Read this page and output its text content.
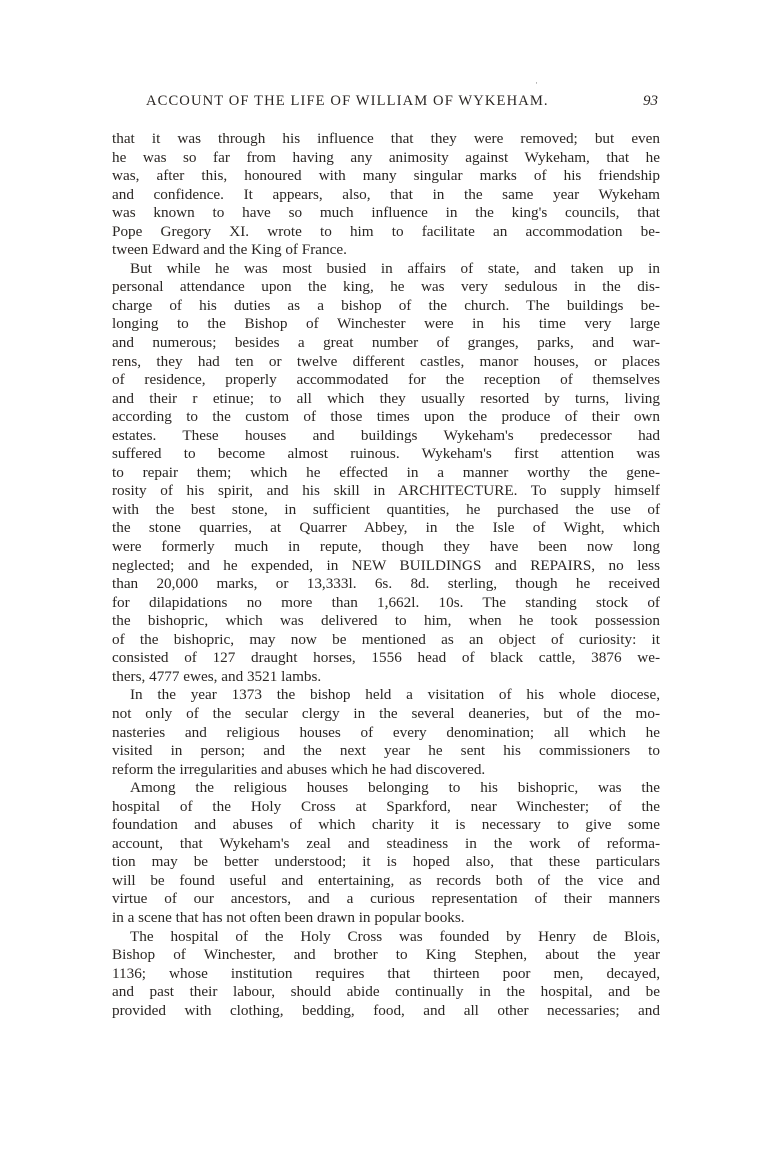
·
ACCOUNT OF THE LIFE OF WILLIAM OF WYKEHAM.	93
that it was through his influence that they were removed; but even
he was so far from having any animosity against Wykeham, that he
was, after this, honoured with many singular marks of his friendship
and confidence. It appears, also, that in the same year Wykeham
was known to have so much influence in the king's councils, that
Pope Gregory XI. wrote to him to facilitate an accommodation be-
tween Edward and the King of France.
But while he was most busied in affairs of state, and taken up in
personal attendance upon the king, he was very sedulous in the dis-
charge of his duties as a bishop of the church. The buildings be-
longing to the Bishop of Winchester were in his time very large
and numerous; besides a great number of granges, parks, and war-
rens, they had ten or twelve different castles, manor houses, or places
of residence, properly accommodated for the reception of themselves
and their r etinue; to all which they usually resorted by turns, living
according to the custom of those times upon the produce of their own
estates. These houses and buildings Wykeham's predecessor had
suffered to become almost ruinous. Wykeham's first attention was
to repair them; which he effected in a manner worthy the gene-
rosity of his spirit, and his skill in ARCHITECTURE. To supply himself
with the best stone, in sufficient quantities, he purchased the use of
the stone quarries, at Quarrer Abbey, in the Isle of Wight, which
were formerly much in repute, though they have been now long
neglected; and he expended, in NEW BUILDINGS and REPAIRS, no less
than 20,000 marks, or 13,333l. 6s. 8d. sterling, though he received
for dilapidations no more than 1,662l. 10s. The standing stock of
the bishopric, which was delivered to him, when he took possession
of the bishopric, may now be mentioned as an object of curiosity: it
consisted of 127 draught horses, 1556 head of black cattle, 3876 we-
thers, 4777 ewes, and 3521 lambs.
In the year 1373 the bishop held a visitation of his whole diocese,
not only of the secular clergy in the several deaneries, but of the mo-
nasteries and religious houses of every denomination; all which he
visited in person; and the next year he sent his commissioners to
reform the irregularities and abuses which he had discovered.
Among the religious houses belonging to his bishopric, was the
hospital of the Holy Cross at Sparkford, near Winchester; of the
foundation and abuses of which charity it is necessary to give some
account, that Wykeham's zeal and steadiness in the work of reforma-
tion may be better understood; it is hoped also, that these particulars
will be found useful and entertaining, as records both of the vice and
virtue of our ancestors, and a curious representation of their manners
in a scene that has not often been drawn in popular books.
The hospital of the Holy Cross was founded by Henry de Blois,
Bishop of Winchester, and brother to King Stephen, about the year
1136; whose institution requires that thirteen poor men, decayed,
and past their labour, should abide continually in the hospital, and be
provided with clothing, bedding, food, and all other necessaries; and
